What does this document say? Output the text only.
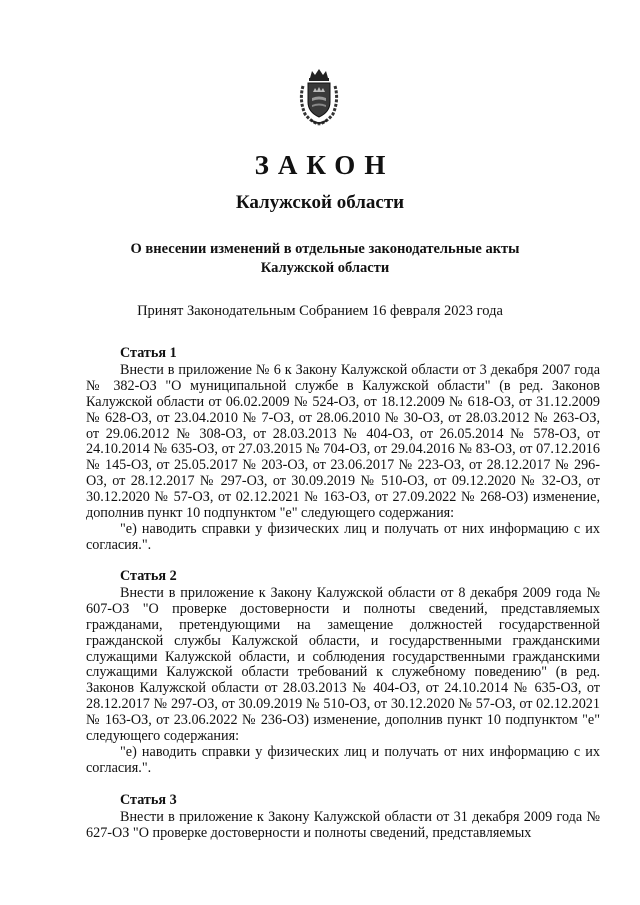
ЗАКОН
Калужской области
О внесении изменений в отдельные законодательные акты
Калужской области
Принят Законодательным Собранием 16 февраля 2023 года
Статья 1

Внести в приложение № 6 к Закону Калужской области от 3 декабря 2007 года № 382-ОЗ "О муниципальной службе в Калужской области" (в ред. Законов Калужской области от 06.02.2009 № 524-ОЗ, от 18.12.2009 № 618-ОЗ, от 31.12.2009 № 628-ОЗ, от 23.04.2010 № 7-ОЗ, от 28.06.2010 № 30-ОЗ, от 28.03.2012 № 263-ОЗ, от 29.06.2012 № 308-ОЗ, от 28.03.2013 № 404-ОЗ, от 26.05.2014 № 578-ОЗ, от 24.10.2014 № 635-ОЗ, от 27.03.2015 № 704-ОЗ, от 29.04.2016 № 83-ОЗ, от 07.12.2016 № 145-ОЗ, от 25.05.2017 № 203-ОЗ, от 23.06.2017 № 223-ОЗ, от 28.12.2017 № 296-ОЗ, от 28.12.2017 № 297-ОЗ, от 30.09.2019 № 510-ОЗ, от 09.12.2020 № 32-ОЗ, от 30.12.2020 № 57-ОЗ, от 02.12.2021 № 163-ОЗ, от 27.09.2022 № 268-ОЗ) изменение, дополнив пункт 10 подпунктом "е" следующего содержания:

"е) наводить справки у физических лиц и получать от них информацию с их согласия.".

Статья 2

Внести в приложение к Закону Калужской области от 8 декабря 2009 года № 607-ОЗ "О проверке достоверности и полноты сведений, представляемых гражданами, претендующими на замещение должностей государственной гражданской службы Калужской области, и государственными гражданскими служащими Калужской области, и соблюдения государственными гражданскими служащими Калужской области требований к служебному поведению" (в ред. Законов Калужской области от 28.03.2013 № 404-ОЗ, от 24.10.2014 № 635-ОЗ, от 28.12.2017 № 297-ОЗ, от 30.09.2019 № 510-ОЗ, от 30.12.2020 № 57-ОЗ, от 02.12.2021 № 163-ОЗ, от 23.06.2022 № 236-ОЗ) изменение, дополнив пункт 10 подпунктом "е" следующего содержания:

"е) наводить справки у физических лиц и получать от них информацию с их согласия.".

Статья 3

Внести в приложение к Закону Калужской области от 31 декабря 2009 года № 627-ОЗ "О проверке достоверности и полноты сведений, представляемых
